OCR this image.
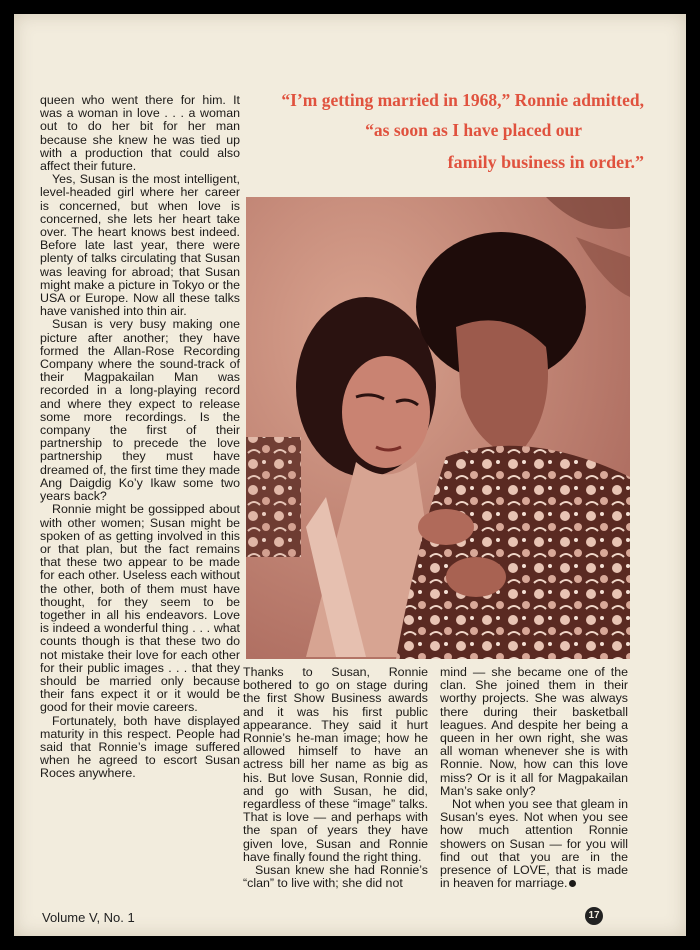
“I’m getting married in 1968,” Ronnie admitted,
“as soon as I have placed our
family business in order.”

queen who went there for him. It was a woman in love . . . a woman out to do her bit for her man because she knew he was tied up with a production that could also affect their future.

Yes, Susan is the most intelligent, level-headed girl where her career is concerned, but when love is concerned, she lets her heart take over. The heart knows best indeed. Before late last year, there were plenty of talks circulating that Susan was leaving for abroad; that Susan might make a picture in Tokyo or the USA or Europe. Now all these talks have vanished into thin air.

Susan is very busy making one picture after another; they have formed the Allan-Rose Recording Company where the sound-track of their Magpakailan Man was recorded in a long-playing record and where they expect to release some more recordings. Is the company the first of their partnership to precede the love partnership they must have dreamed of, the first time they made Ang Daigdig Ko’y Ikaw some two years back?

Ronnie might be gossipped about with other women; Susan might be spoken of as getting involved in this or that plan, but the fact remains that these two appear to be made for each other. Useless each without the other, both of them must have thought, for they seem to be together in all his endeavors. Love is indeed a wonderful thing . . . what counts though is that these two do not mistake their love for each other for their public images . . . that they should be married only because their fans expect it or it would be good for their movie careers.

Fortunately, both have displayed maturity in this respect. People had said that Ronnie’s image suffered when he agreed to escort Susan Roces anywhere.

Thanks to Susan, Ronnie bothered to go on stage during the first Show Business awards and it was his first public appearance. They said it hurt Ronnie’s he-man image; how he allowed himself to have an actress bill her name as big as his. But love Susan, Ronnie did, and go with Susan, he did, regardless of these “image” talks. That is love — and perhaps with the span of years they have given love, Susan and Ronnie have finally found the right thing.

Susan knew she had Ronnie’s “clan” to live with; she did not

mind — she became one of the clan. She joined them in their worthy projects. She was always there during their basketball leagues. And despite her being a queen in her own right, she was all woman whenever she is with Ronnie. Now, how can this love miss? Or is it all for Magpakailan Man’s sake only?

Not when you see that gleam in Susan’s eyes. Not when you see how much attention Ronnie showers on Susan — for you will find out that you are in the presence of LOVE, that is made in heaven for marriage.

Volume V, No. 1	17
